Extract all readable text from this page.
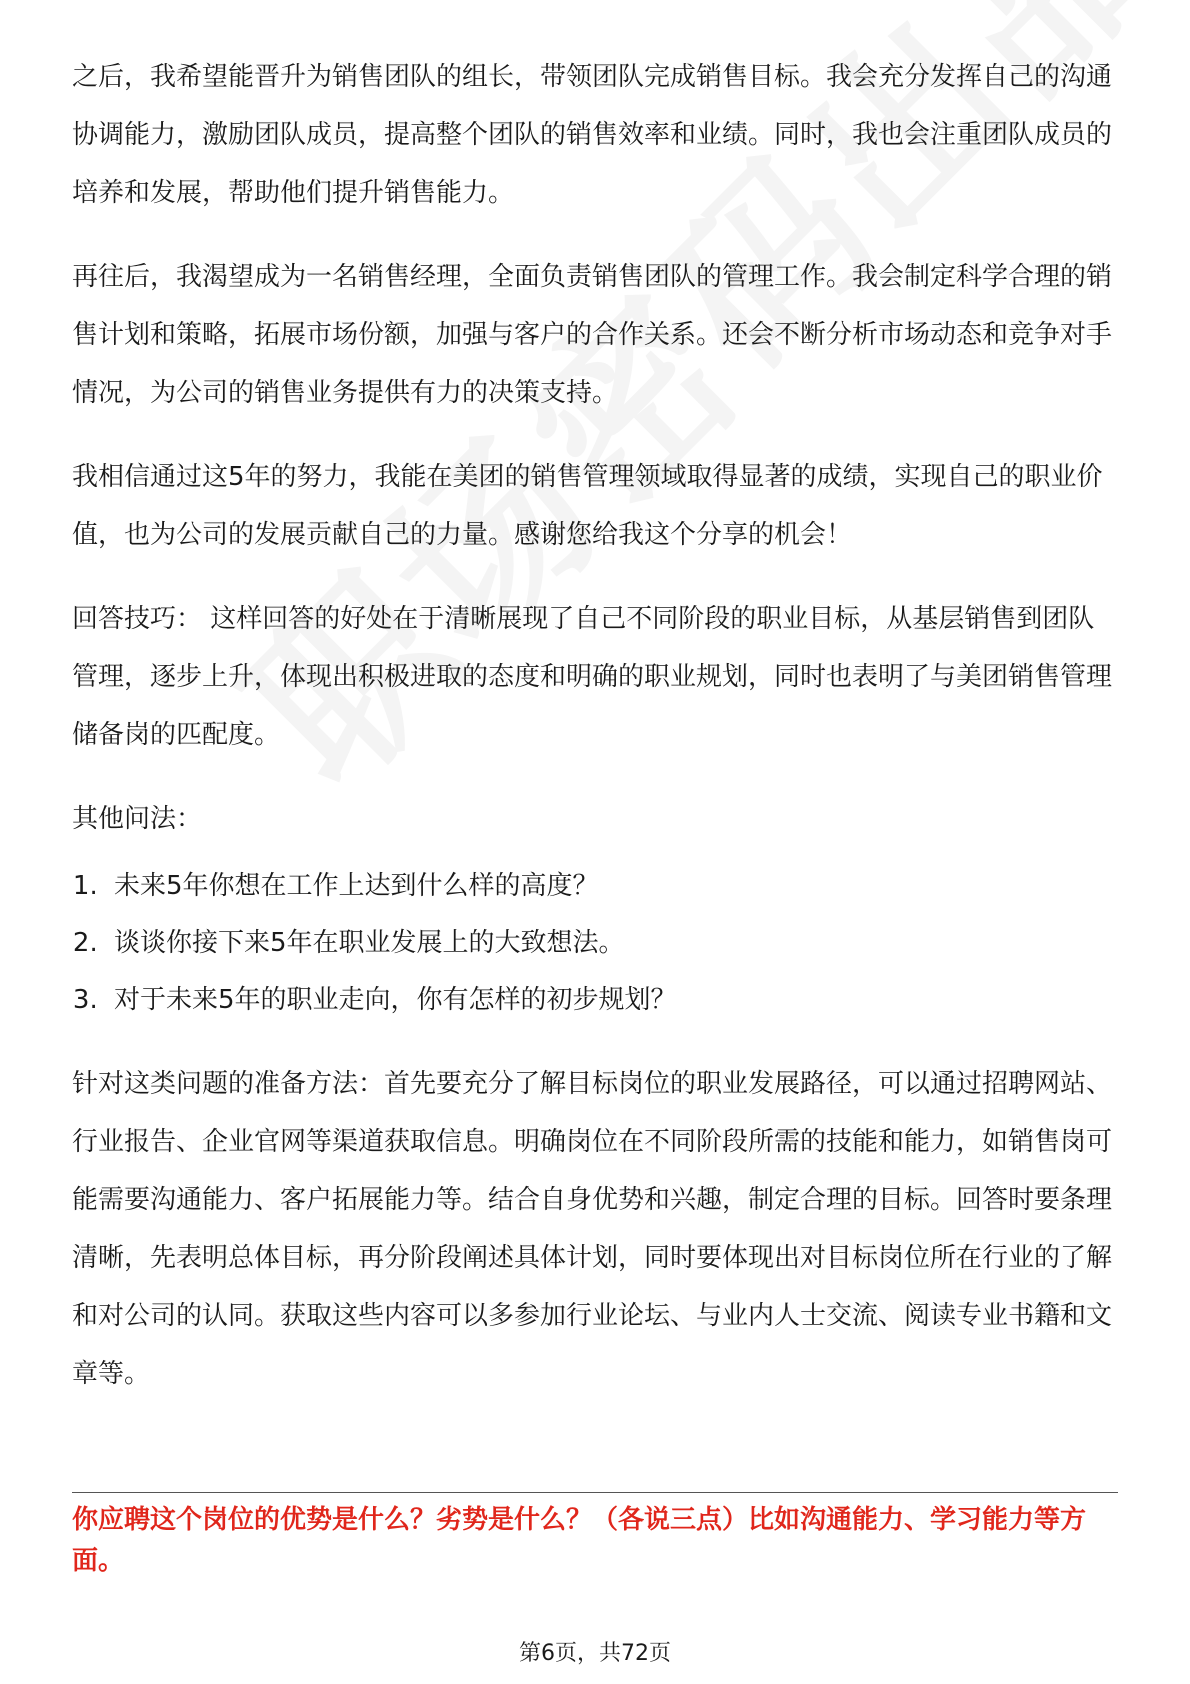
之后，我希望能晋升为销售团队的组长，带领团队完成销售目标。我会充分发挥自己的沟通协调能力，激励团队成员，提高整个团队的销售效率和业绩。同时，我也会注重团队成员的培养和发展，帮助他们提升销售能力。

再往后，我渴望成为一名销售经理，全面负责销售团队的管理工作。我会制定科学合理的销售计划和策略，拓展市场份额，加强与客户的合作关系。还会不断分析市场动态和竞争对手情况，为公司的销售业务提供有力的决策支持。

我相信通过这5年的努力，我能在美团的销售管理领域取得显著的成绩，实现自己的职业价值，也为公司的发展贡献自己的力量。感谢您给我这个分享的机会！

回答技巧： 这样回答的好处在于清晰展现了自己不同阶段的职业目标，从基层销售到团队管理，逐步上升，体现出积极进取的态度和明确的职业规划，同时也表明了与美团销售管理储备岗的匹配度。

其他问法：

1. 未来5年你想在工作上达到什么样的高度？
2. 谈谈你接下来5年在职业发展上的大致想法。
3. 对于未来5年的职业走向，你有怎样的初步规划？

针对这类问题的准备方法：首先要充分了解目标岗位的职业发展路径，可以通过招聘网站、行业报告、企业官网等渠道获取信息。明确岗位在不同阶段所需的技能和能力，如销售岗可能需要沟通能力、客户拓展能力等。结合自身优势和兴趣，制定合理的目标。回答时要条理清晰，先表明总体目标，再分阶段阐述具体计划，同时要体现出对目标岗位所在行业的了解和对公司的认同。获取这些内容可以多参加行业论坛、与业内人士交流、阅读专业书籍和文章等。

你应聘这个岗位的优势是什么？劣势是什么？（各说三点）比如沟通能力、学习能力等方面。

第6页，共72页
